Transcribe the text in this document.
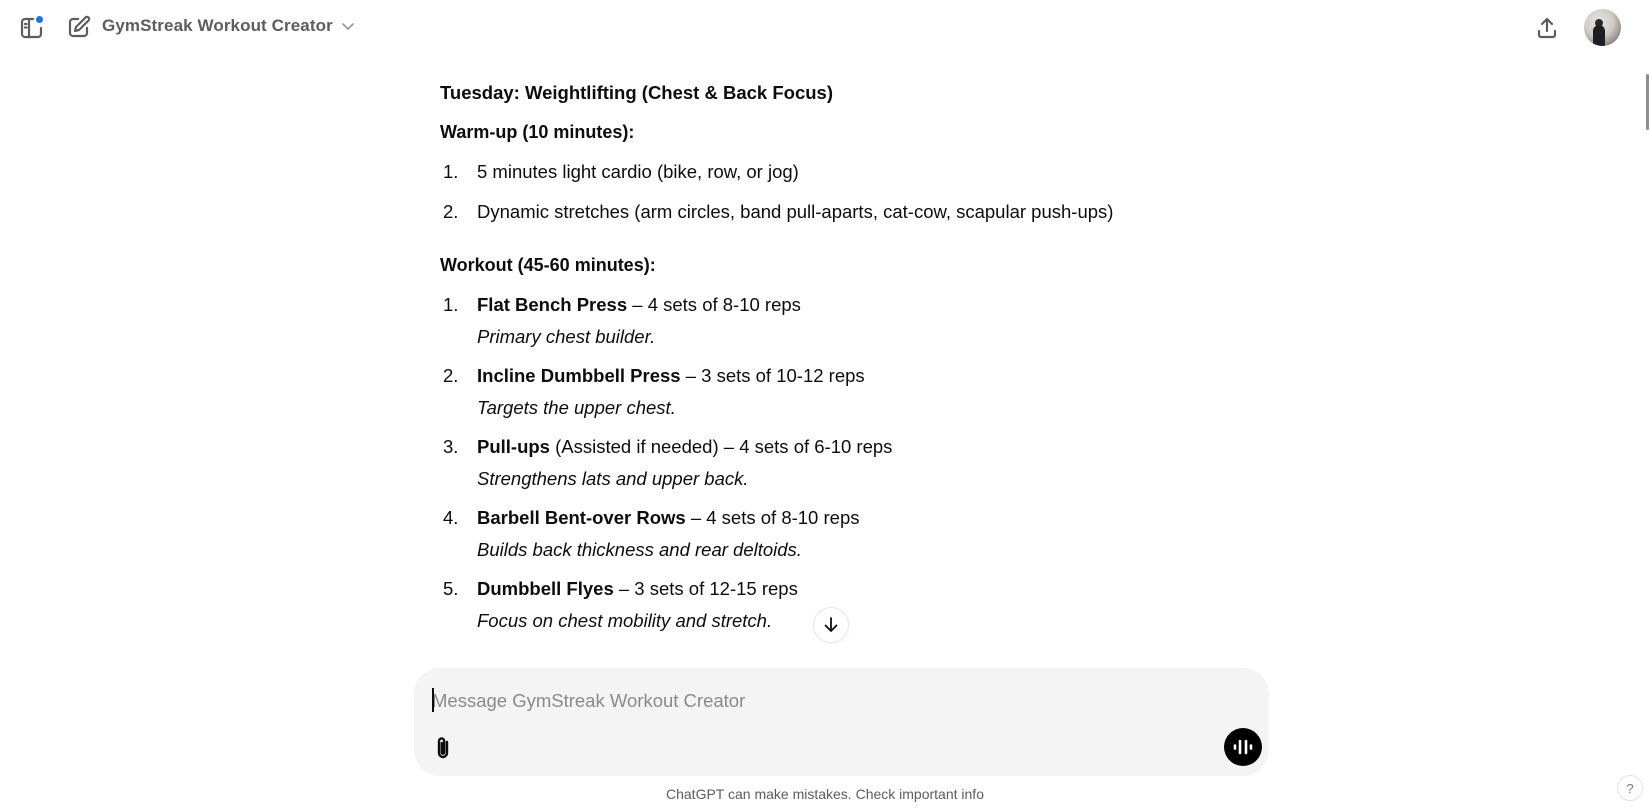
GymStreak Workout Creator
Tuesday: Weightlifting (Chest & Back Focus)
Warm-up (10 minutes):
1. 5 minutes light cardio (bike, row, or jog)
2. Dynamic stretches (arm circles, band pull-aparts, cat-cow, scapular push-ups)
Workout (45-60 minutes):
1. Flat Bench Press – 4 sets of 8-10 reps
Primary chest builder.
2. Incline Dumbbell Press – 3 sets of 10-12 reps
Targets the upper chest.
3. Pull-ups (Assisted if needed) – 4 sets of 6-10 reps
Strengthens lats and upper back.
4. Barbell Bent-over Rows – 4 sets of 8-10 reps
Builds back thickness and rear deltoids.
5. Dumbbell Flyes – 3 sets of 12-15 reps
Focus on chest mobility and stretch.
Message GymStreak Workout Creator
ChatGPT can make mistakes. Check important info	?
